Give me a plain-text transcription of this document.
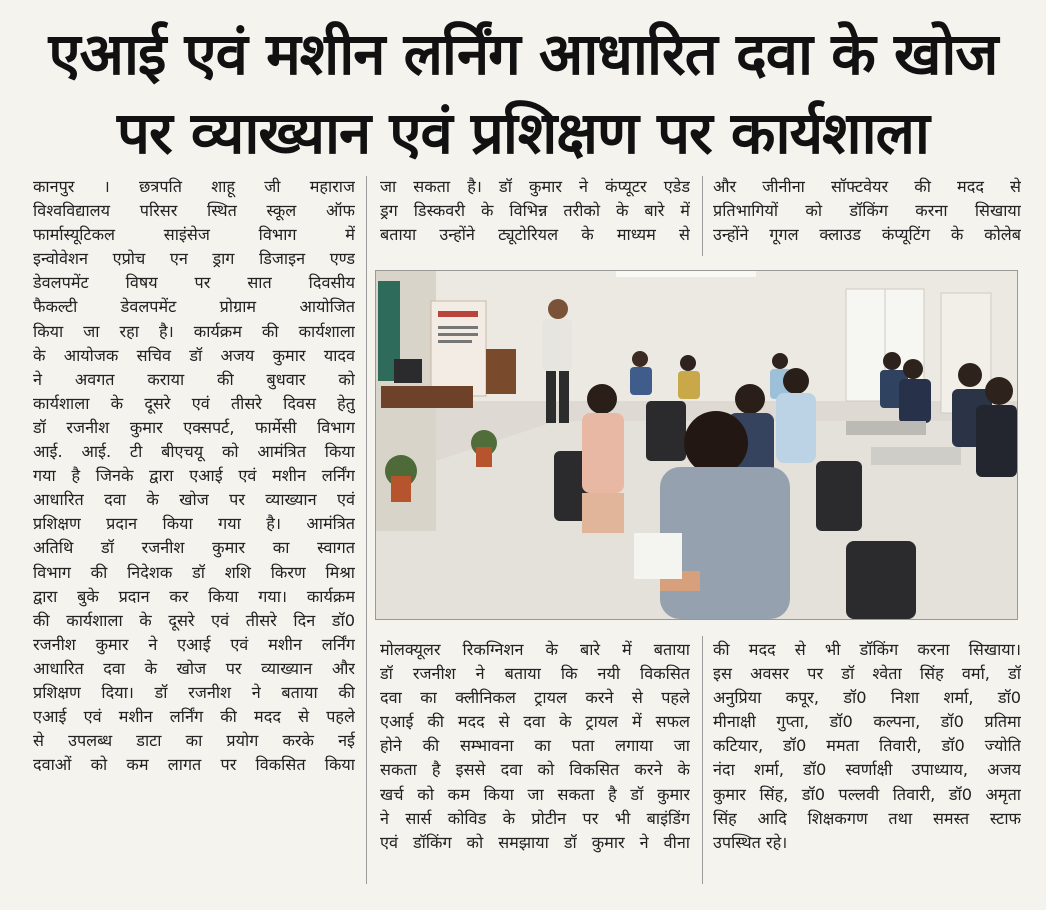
एआई एवं मशीन लर्निंग आधारित दवा के खोज
पर व्याख्यान एवं प्रशिक्षण पर कार्यशाला
कानपुर । छत्रपति शाहू जी महाराज
विश्वविद्यालय परिसर स्थित स्कूल ऑफ
फार्मास्यूटिकल साइंसेज विभाग में
इन्वोवेशन एप्रोच एन ड्राग डिजाइन एण्ड
डेवलपमेंट विषय पर सात दिवसीय
फैकल्टी डेवलपमेंट प्रोग्राम आयोजित
किया जा रहा है। कार्यक्रम की कार्यशाला
के आयोजक सचिव डॉ अजय कुमार यादव
ने अवगत कराया की बुधवार को
कार्यशाला के दूसरे एवं तीसरे दिवस हेतु
डॉ रजनीश कुमार एक्सपर्ट, फार्मेसी विभाग
आई. आई. टी बीएचयू को आमंत्रित किया
गया है जिनके द्वारा एआई एवं मशीन लर्निंग
आधारित दवा के खोज पर व्याख्यान एवं
प्रशिक्षण प्रदान किया गया है। आमंत्रित
अतिथि डॉ रजनीश कुमार का स्वागत
विभाग की निदेशक डॉ शशि किरण मिश्रा
द्वारा बुके प्रदान कर किया गया। कार्यक्रम
की कार्यशाला के दूसरे एवं तीसरे दिन डॉ0
रजनीश कुमार ने एआई एवं मशीन लर्निंग
आधारित दवा के खोज पर व्याख्यान और
प्रशिक्षण दिया। डॉ रजनीश ने बताया की
एआई एवं मशीन लर्निंग की मदद से पहले
से उपलब्ध डाटा का प्रयोग करके नई
दवाओं को कम लागत पर विकसित किया
जा सकता है। डॉ कुमार ने कंप्यूटर एडेड
ड्रग डिस्कवरी के विभिन्न तरीको के बारे में
बताया उन्होंने ट्यूटोरियल के माध्यम से
और जीनीना सॉफ्टवेयर की मदद से
प्रतिभागियों को डॉकिंग करना सिखाया
उन्होंने गूगल क्लाउड कंप्यूटिंग के कोलेब
मोलक्यूलर रिकग्निशन के बारे में बताया
डॉ रजनीश ने बताया कि नयी विकसित
दवा का क्लीनिकल ट्रायल करने से पहले
एआई की मदद से दवा के ट्रायल में सफल
होने की सम्भावना का पता लगाया जा
सकता है इससे दवा को विकसित करने के
खर्च को कम किया जा सकता है डॉ कुमार
ने सार्स कोविड के प्रोटीन पर भी बाइंडिंग
एवं डॉकिंग को समझाया डॉ कुमार ने वीना
की मदद से भी डॉकिंग करना सिखाया।
इस अवसर पर डॉ श्वेता सिंह वर्मा, डॉ
अनुप्रिया कपूर, डॉ0 निशा शर्मा, डॉ0
मीनाक्षी गुप्ता, डॉ0 कल्पना, डॉ0 प्रतिमा
कटियार, डॉ0 ममता तिवारी, डॉ0 ज्योति
नंदा शर्मा, डॉ0 स्वर्णाक्षी उपाध्याय, अजय
कुमार सिंह, डॉ0 पल्लवी तिवारी, डॉ0 अमृता
सिंह आदि शिक्षकगण तथा समस्त स्टाफ
उपस्थित रहे।
